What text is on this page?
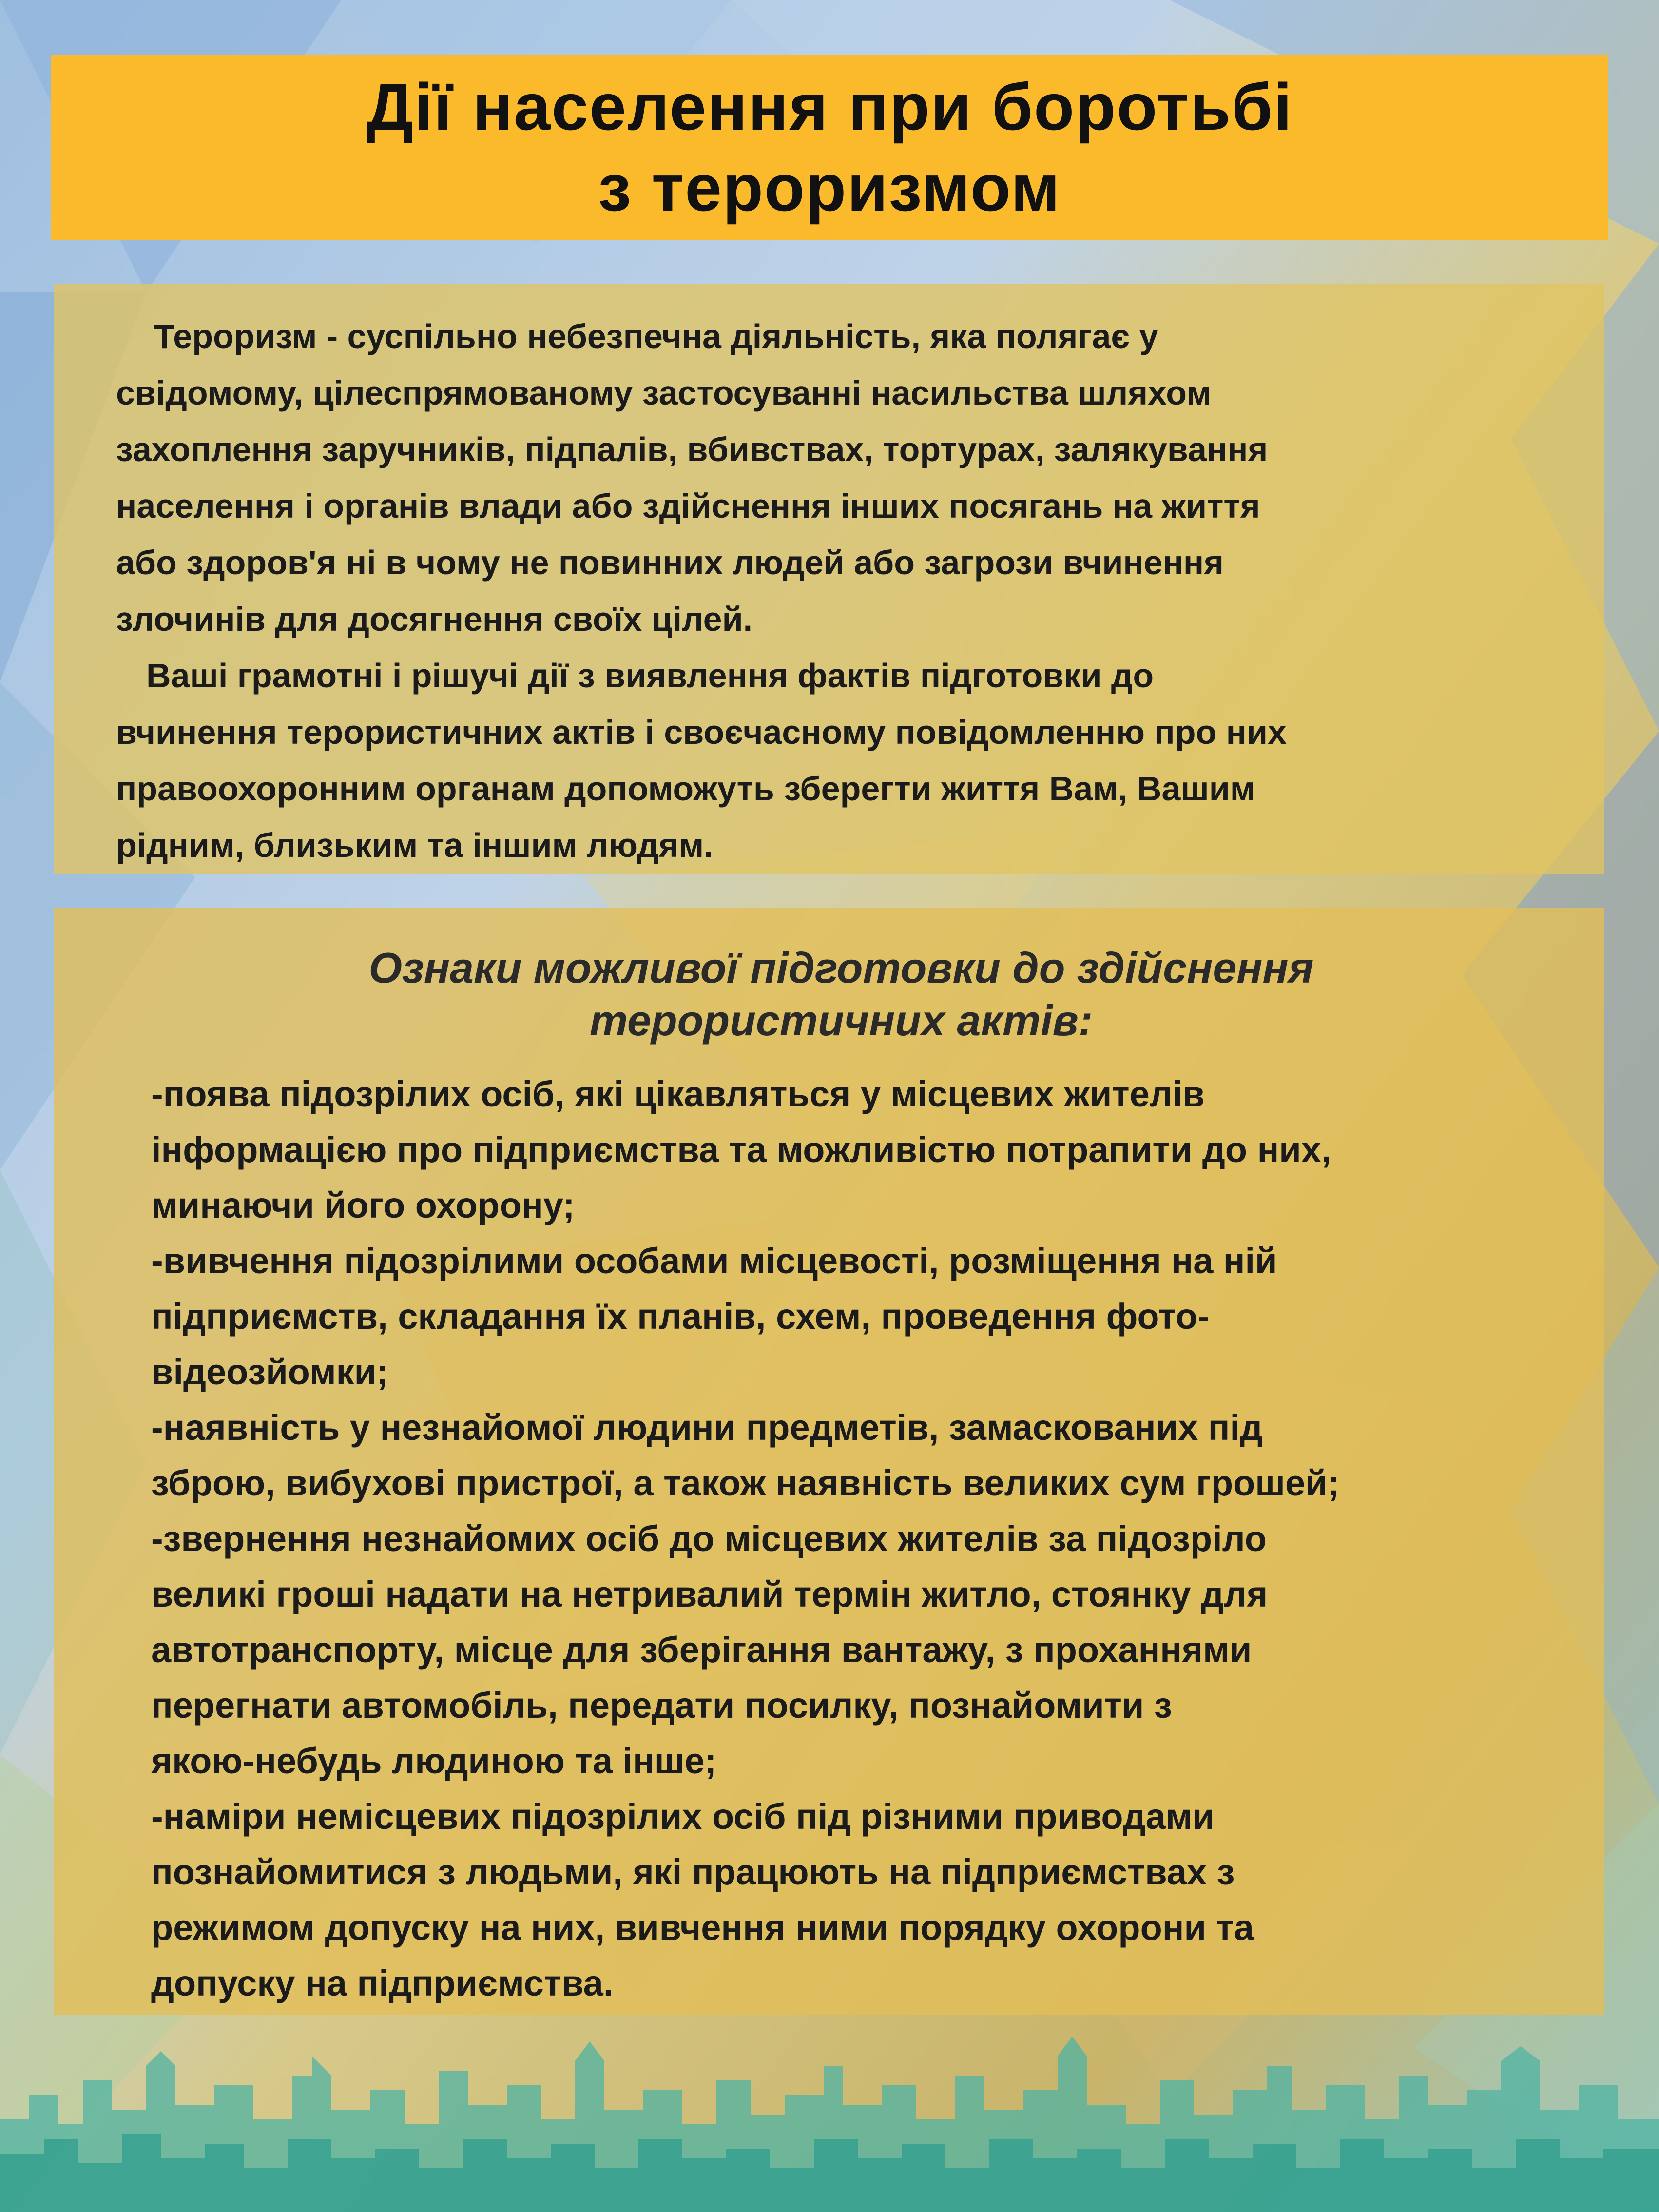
Дії населення при боротьбі
з тероризмом

Тероризм - суспільно небезпечна діяльність, яка полягає у
свідомому, цілеспрямованому застосуванні насильства шляхом
захоплення заручників, підпалів, вбивствах, тортурах, залякування
населення і органів влади або здійснення інших посягань на життя
або здоров'я ні в чому не повинних людей або загрози вчинення
злочинів для досягнення своїх цілей.

Ваші грамотні і рішучі дії з виявлення фактів підготовки до
вчинення терористичних актів і своєчасному повідомленню про них
правоохоронним органам допоможуть зберегти життя Вам, Вашим
рідним, близьким та іншим людям.

Ознаки можливої підготовки до здійснення
терористичних актів:

-поява підозрілих осіб, які цікавляться у місцевих жителів
інформацією про підприємства та можливістю потрапити до них,
минаючи його охорону;

-вивчення підозрілими особами місцевості, розміщення на ній
підприємств, складання їх планів, схем, проведення фото-
відеозйомки;

-наявність у незнайомої людини предметів, замаскованих під
зброю, вибухові пристрої, а також наявність великих сум грошей;

-звернення незнайомих осіб до місцевих жителів за підозріло
великі гроші надати на нетривалий термін житло, стоянку для
автотранспорту, місце для зберігання вантажу, з проханнями
перегнати автомобіль, передати посилку, познайомити з
якою-небудь людиною та інше;

-наміри немісцевих підозрілих осіб під різними приводами
познайомитися з людьми, які працюють на підприємствах з
режимом допуску на них, вивчення ними порядку охорони та
допуску на підприємства.
